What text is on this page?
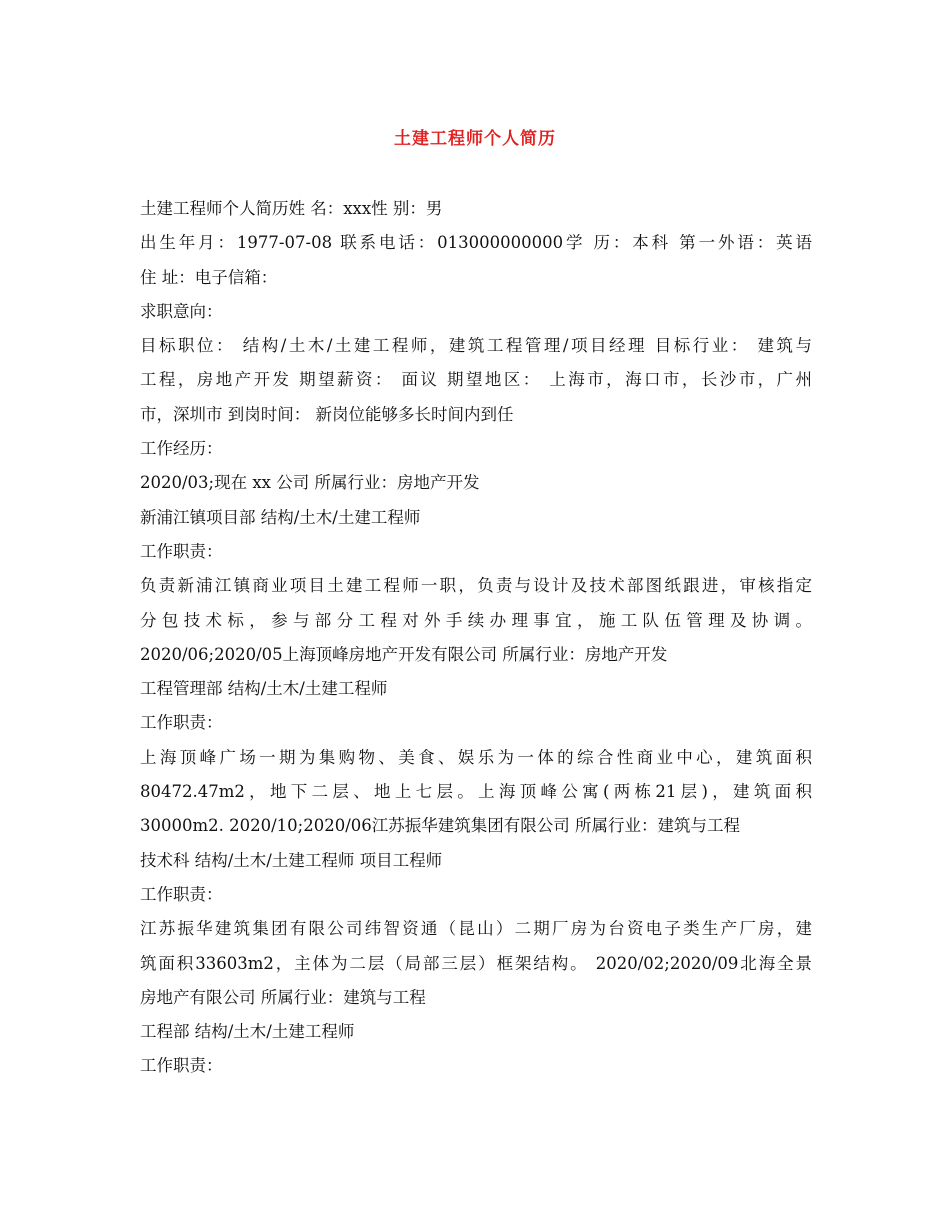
土建工程师个人简历
土建工程师个人简历姓 名：xxx性 别：男
出生年月：1977-07-08 联系电话：013000000000学 历：本科 第一外语：英语
住 址：电子信箱：
求职意向：
目标职位： 结构/土木/土建工程师，建筑工程管理/项目经理 目标行业： 建筑与
工程，房地产开发 期望薪资： 面议 期望地区： 上海市，海口市，长沙市，广州
市，深圳市 到岗时间： 新岗位能够多长时间内到任
工作经历：
2020/03;现在 xx 公司 所属行业：房地产开发
新浦江镇项目部 结构/土木/土建工程师
工作职责：
负责新浦江镇商业项目土建工程师一职，负责与设计及技术部图纸跟进，审核指定
分包技术标，参与部分工程对外手续办理事宜，施工队伍管理及协调。
2020/06;2020/05上海顶峰房地产开发有限公司 所属行业：房地产开发
工程管理部 结构/土木/土建工程师
工作职责：
上海顶峰广场一期为集购物、美食、娱乐为一体的综合性商业中心，建筑面积
80472.47m2，地下二层、地上七层。上海顶峰公寓(两栋21层)，建筑面积
30000m2. 2020/10;2020/06江苏振华建筑集团有限公司 所属行业：建筑与工程
技术科 结构/土木/土建工程师 项目工程师
工作职责：
江苏振华建筑集团有限公司纬智资通（昆山）二期厂房为台资电子类生产厂房，建
筑面积33603m2，主体为二层（局部三层）框架结构。 2020/02;2020/09北海全景
房地产有限公司 所属行业：建筑与工程
工程部 结构/土木/土建工程师
工作职责：
